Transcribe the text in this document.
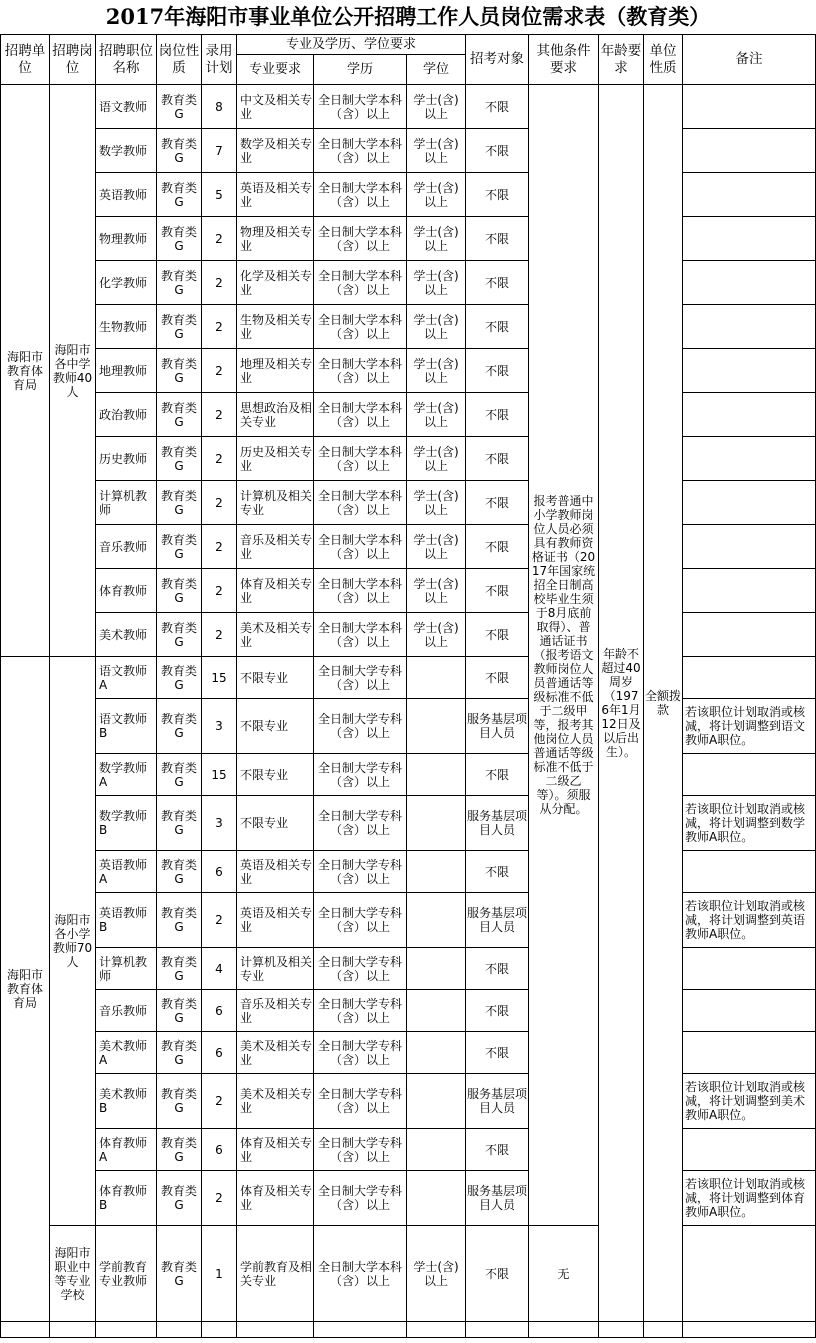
2017年海阳市事业单位公开招聘工作人员岗位需求表（教育类）
招聘单位	招聘岗位	招聘职位名称	岗位性质	录用计划	专业及学历、学位要求			招考对象	其他条件要求	年龄要求	单位性质	备注
					专业要求	学历	学位					
海阳市教育体育局	海阳市各中学教师40人	语文教师	教育类G	8	中文及相关专业	全日制大学本科（含）以上	学士(含)以上	不限	报考普通中小学教师岗位人员必须具有教师资格证书（2017年国家统招全日制高校毕业生须于8月底前取得）、普通话证书（报考语文教师岗位人员普通话等级标准不低于二级甲等，报考其他岗位人员普通话等级标准不低于二级乙等）。须服从分配。	年龄不超过40周岁（1976年1月12日及以后出生）。	全额拨款	
		数学教师	教育类G	7	数学及相关专业	全日制大学本科（含）以上	学士(含)以上	不限				
		英语教师	教育类G	5	英语及相关专业	全日制大学本科（含）以上	学士(含)以上	不限				
		物理教师	教育类G	2	物理及相关专业	全日制大学本科（含）以上	学士(含)以上	不限				
		化学教师	教育类G	2	化学及相关专业	全日制大学本科（含）以上	学士(含)以上	不限				
		生物教师	教育类G	2	生物及相关专业	全日制大学本科（含）以上	学士(含)以上	不限				
		地理教师	教育类G	2	地理及相关专业	全日制大学本科（含）以上	学士(含)以上	不限				
		政治教师	教育类G	2	思想政治及相关专业	全日制大学本科（含）以上	学士(含)以上	不限				
		历史教师	教育类G	2	历史及相关专业	全日制大学本科（含）以上	学士(含)以上	不限				
		计算机教师	教育类G	2	计算机及相关专业	全日制大学本科（含）以上	学士(含)以上	不限				
		音乐教师	教育类G	2	音乐及相关专业	全日制大学本科（含）以上	学士(含)以上	不限				
		体育教师	教育类G	2	体育及相关专业	全日制大学本科（含）以上	学士(含)以上	不限				
		美术教师	教育类G	2	美术及相关专业	全日制大学本科（含）以上	学士(含)以上	不限				
海阳市教育体育局	海阳市各小学教师70人	语文教师A	教育类G	15	不限专业	全日制大学专科（含）以上		不限				
		语文教师B	教育类G	3	不限专业	全日制大学专科（含）以上		服务基层项目人员				若该职位计划取消或核减，将计划调整到语文教师A职位。
		数学教师A	教育类G	15	不限专业	全日制大学专科（含）以上		不限				
		数学教师B	教育类G	3	不限专业	全日制大学专科（含）以上		服务基层项目人员				若该职位计划取消或核减，将计划调整到数学教师A职位。
		英语教师A	教育类G	6	英语及相关专业	全日制大学专科（含）以上		不限				
		英语教师B	教育类G	2	英语及相关专业	全日制大学专科（含）以上		服务基层项目人员				若该职位计划取消或核减，将计划调整到英语教师A职位。
		计算机教师	教育类G	4	计算机及相关专业	全日制大学专科（含）以上		不限				
		音乐教师	教育类G	6	音乐及相关专业	全日制大学专科（含）以上		不限				
		美术教师A	教育类G	6	美术及相关专业	全日制大学专科（含）以上		不限				
		美术教师B	教育类G	2	美术及相关专业	全日制大学专科（含）以上		服务基层项目人员				若该职位计划取消或核减，将计划调整到美术教师A职位。
		体育教师A	教育类G	6	体育及相关专业	全日制大学专科（含）以上		不限				
		体育教师B	教育类G	2	体育及相关专业	全日制大学专科（含）以上		服务基层项目人员				若该职位计划取消或核减，将计划调整到体育教师A职位。
	海阳市职业中等专业学校	学前教育专业教师	教育类G	1	学前教育及相关专业	全日制大学本科（含）以上	学士(含)以上	不限	无			
